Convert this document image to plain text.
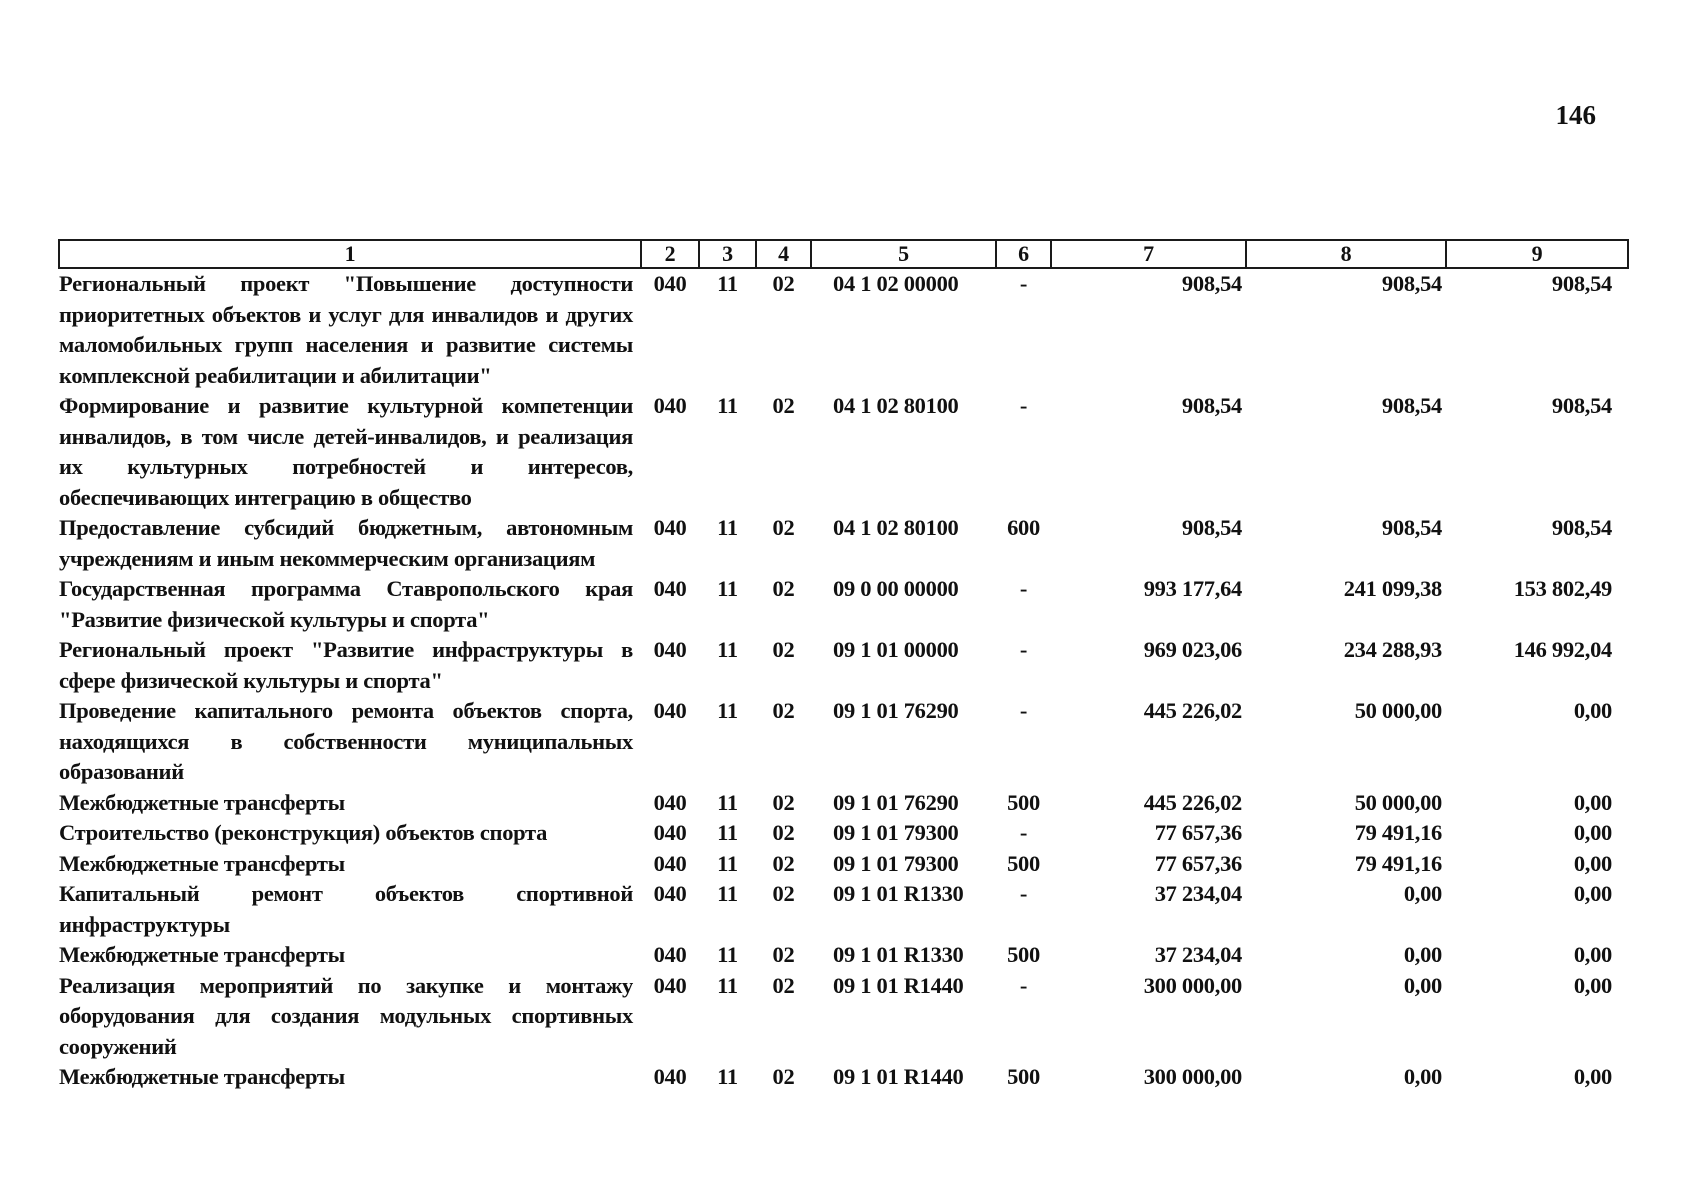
146
1	2	3	4	5	6	7	8	9
Региональный проект "Повышение доступности приоритетных объектов и услуг для инвалидов и других маломобильных групп населения и развитие системы комплексной реабилитации и абилитации"	040	11	02	04 1 02 00000	-	908,54	908,54	908,54
Формирование и развитие культурной компетенции инвалидов, в том числе детей-инвалидов, и реализация их культурных потребностей и интересов, обеспечивающих интеграцию в общество	040	11	02	04 1 02 80100	-	908,54	908,54	908,54
Предоставление субсидий бюджетным, автономным учреждениям и иным некоммерческим организациям	040	11	02	04 1 02 80100	600	908,54	908,54	908,54
Государственная программа Ставропольского края "Развитие физической культуры и спорта"	040	11	02	09 0 00 00000	-	993 177,64	241 099,38	153 802,49
Региональный проект "Развитие инфраструктуры в сфере физической культуры и спорта"	040	11	02	09 1 01 00000	-	969 023,06	234 288,93	146 992,04
Проведение капитального ремонта объектов спорта, находящихся в собственности муниципальных образований	040	11	02	09 1 01 76290	-	445 226,02	50 000,00	0,00
Межбюджетные трансферты	040	11	02	09 1 01 76290	500	445 226,02	50 000,00	0,00
Строительство (реконструкция) объектов спорта	040	11	02	09 1 01 79300	-	77 657,36	79 491,16	0,00
Межбюджетные трансферты	040	11	02	09 1 01 79300	500	77 657,36	79 491,16	0,00
Капитальный ремонт объектов спортивной инфраструктуры	040	11	02	09 1 01 R1330	-	37 234,04	0,00	0,00
Межбюджетные трансферты	040	11	02	09 1 01 R1330	500	37 234,04	0,00	0,00
Реализация мероприятий по закупке и монтажу оборудования для создания модульных спортивных сооружений	040	11	02	09 1 01 R1440	-	300 000,00	0,00	0,00
Межбюджетные трансферты	040	11	02	09 1 01 R1440	500	300 000,00	0,00	0,00
